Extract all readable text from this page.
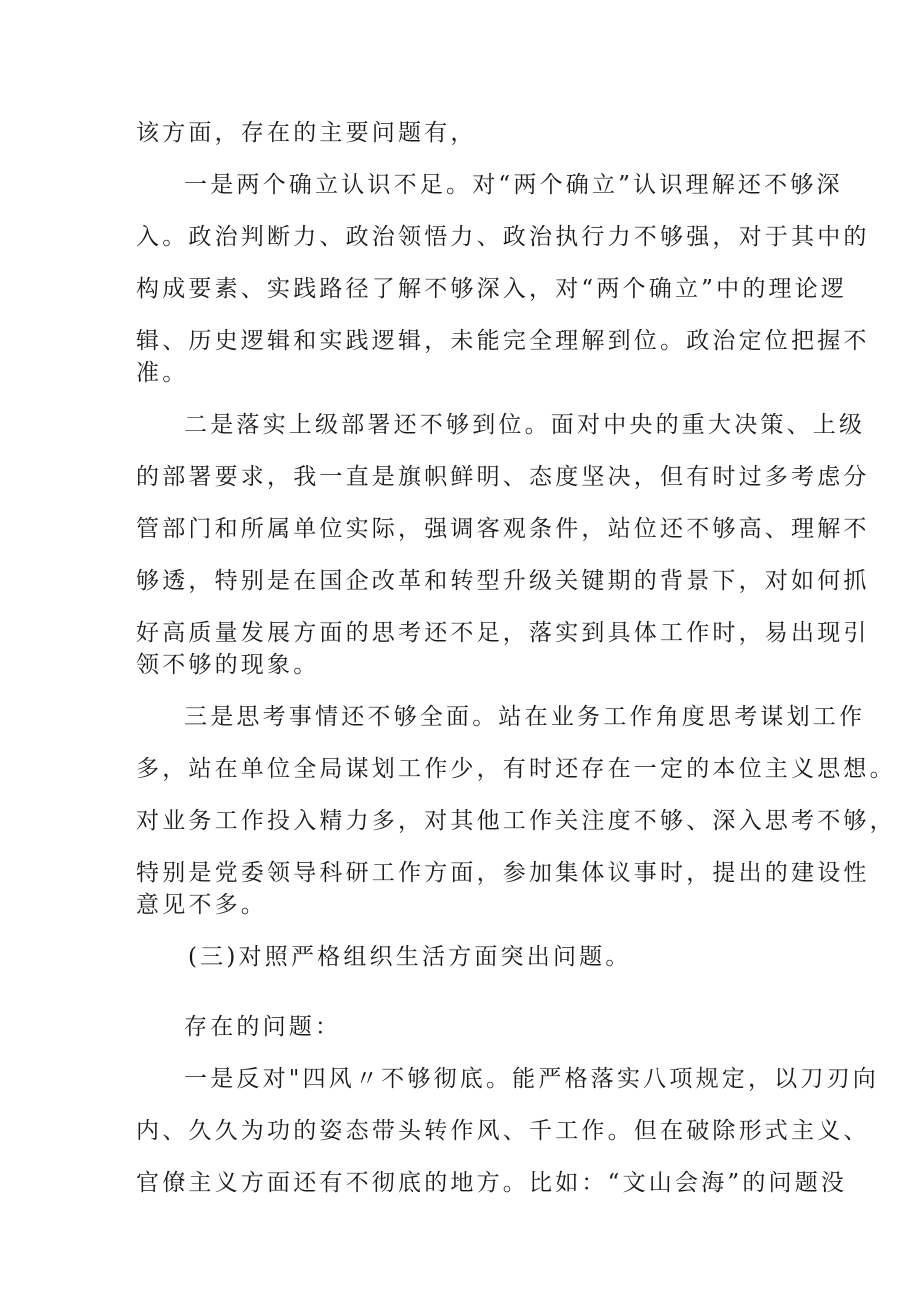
该方面，存在的主要问题有，
一是两个确立认识不足。对“两个确立”认识理解还不够深
入。政治判断力、政治领悟力、政治执行力不够强，对于其中的
构成要素、实践路径了解不够深入，对“两个确立”中的理论逻
辑、历史逻辑和实践逻辑，未能完全理解到位。政治定位把握不
准。
二是落实上级部署还不够到位。面对中央的重大决策、上级
的部署要求，我一直是旗帜鲜明、态度坚决，但有时过多考虑分
管部门和所属单位实际，强调客观条件，站位还不够高、理解不
够透，特别是在国企改革和转型升级关键期的背景下，对如何抓
好高质量发展方面的思考还不足，落实到具体工作时，易出现引
领不够的现象。
三是思考事情还不够全面。站在业务工作角度思考谋划工作
多，站在单位全局谋划工作少，有时还存在一定的本位主义思想。
对业务工作投入精力多，对其他工作关注度不够、深入思考不够，
特别是党委领导科研工作方面，参加集体议事时，提出的建设性
意见不多。
(三)对照严格组织生活方面突出问题。
存在的问题：
一是反对"四风〃不够彻底。能严格落实八项规定，以刀刃向
内、久久为功的姿态带头转作风、千工作。但在破除形式主义、
官僚主义方面还有不彻底的地方。比如：“文山会海”的问题没
